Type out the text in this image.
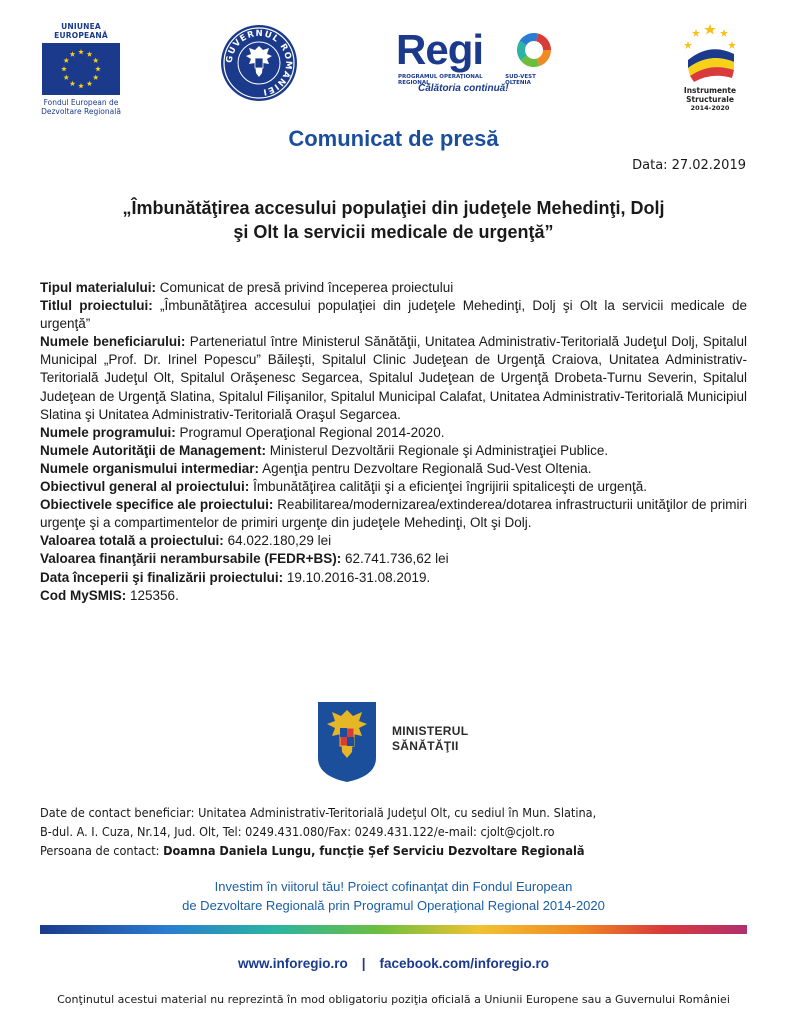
UNIUNEA EUROPEANĂ
Fondul European de
Dezvoltare Regională
GUVERNUL ROMÂNIEI
Regi
PROGRAMUL OPERAŢIONAL REGIONAL
SUD-VEST OLTENIA
Călătoria continuă!	Instrumente Structurale
2014-2020
Comunicat de presă
Data: 27.02.2019
„Îmbunătăţirea accesului populaţiei din judeţele Mehedinţi, Dolj
şi Olt la servicii medicale de urgenţă”

Tipul materialului: Comunicat de presă privind începerea proiectului

Titlul proiectului: „Îmbunătăţirea accesului populaţiei din judeţele Mehedinţi, Dolj şi Olt la servicii medicale de urgenţă”

Numele beneficiarului: Parteneriatul între Ministerul Sănătăţii, Unitatea Administrativ-Teritorială Judeţul Dolj, Spitalul Municipal „Prof. Dr. Irinel Popescu” Băileşti, Spitalul Clinic Judeţean de Urgenţă Craiova, Unitatea Administrativ-Teritorială Judeţul Olt, Spitalul Orăşenesc Segarcea, Spitalul Judeţean de Urgenţă Drobeta-Turnu Severin, Spitalul Judeţean de Urgenţă Slatina, Spitalul Filişanilor, Spitalul Municipal Calafat, Unitatea Administrativ-Teritorială Municipiul Slatina şi Unitatea Administrativ-Teritorială Oraşul Segarcea.

Numele programului: Programul Operaţional Regional 2014-2020.

Numele Autorităţii de Management: Ministerul Dezvoltării Regionale şi Administraţiei Publice.

Numele organismului intermediar: Agenţia pentru Dezvoltare Regională Sud-Vest Oltenia.

Obiectivul general al proiectului: Îmbunătăţirea calităţii şi a eficienţei îngrijirii spitaliceşti de urgenţă.

Obiectivele specifice ale proiectului: Reabilitarea/modernizarea/extinderea/dotarea infrastructurii unităţilor de primiri urgenţe şi a compartimentelor de primiri urgenţe din judeţele Mehedinţi, Olt şi Dolj.

Valoarea totală a proiectului: 64.022.180,29 lei

Valoarea finanţării nerambursabile (FEDR+BS): 62.741.736,62 lei

Data începerii şi finalizării proiectului: 19.10.2016-31.08.2019.

Cod MySMIS: 125356.

MINISTERUL
SĂNĂTĂŢII

Date de contact beneficiar: Unitatea Administrativ-Teritorială Judeţul Olt, cu sediul în Mun. Slatina,

B-dul. A. I. Cuza, Nr.14, Jud. Olt, Tel: 0249.431.080/Fax: 0249.431.122/e-mail: cjolt@cjolt.ro

Persoana de contact: Doamna Daniela Lungu, funcţie Şef Serviciu Dezvoltare Regională

Investim în viitorul tău! Proiect cofinanţat din Fondul European
de Dezvoltare Regională prin Programul Operaţional Regional 2014-2020
www.inforegio.ro | facebook.com/inforegio.ro
Conţinutul acestui material nu reprezintă în mod obligatoriu poziţia oficială a Uniunii Europene sau a Guvernului României
